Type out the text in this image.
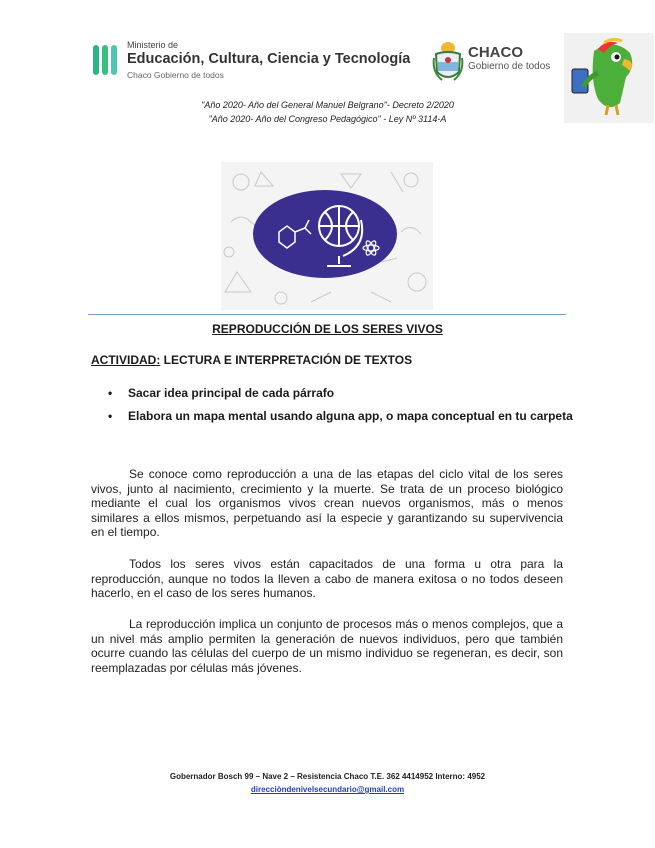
Ministerio de
Educación, Cultura, Ciencia y Tecnología
Chaco Gobierno de todos
CHACO
Gobierno de todos
"Año 2020- Año del General Manuel Belgrano"- Decreto 2/2020
"Año 2020- Año del Congreso Pedagógico" - Ley Nº 3114-A
REPRODUCCIÓN DE LOS SERES VIVOS
ACTIVIDAD: LECTURA E INTERPRETACIÓN DE TEXTOS
• Sacar idea principal de cada párrafo
• Elabora un mapa mental usando alguna app, o mapa conceptual en tu carpeta
Se conoce como reproducción a una de las etapas del ciclo vital de los seres vivos, junto al nacimiento, crecimiento y la muerte. Se trata de un proceso biológico mediante el cual los organismos vivos crean nuevos organismos, más o menos similares a ellos mismos, perpetuando así la especie y garantizando su supervivencia en el tiempo.
Todos los seres vivos están capacitados de una forma u otra para la reproducción, aunque no todos la lleven a cabo de manera exitosa o no todos deseen hacerlo, en el caso de los seres humanos.
La reproducción implica un conjunto de procesos más o menos complejos, que a un nivel más amplio permiten la generación de nuevos individuos, pero que también ocurre cuando las células del cuerpo de un mismo individuo se regeneran, es decir, son reemplazadas por células más jóvenes.
Gobernador Bosch 99 – Nave 2 – Resistencia Chaco T.E. 362 4414952 Interno: 4952
direcciòndenivelsecundario@gmail.com
